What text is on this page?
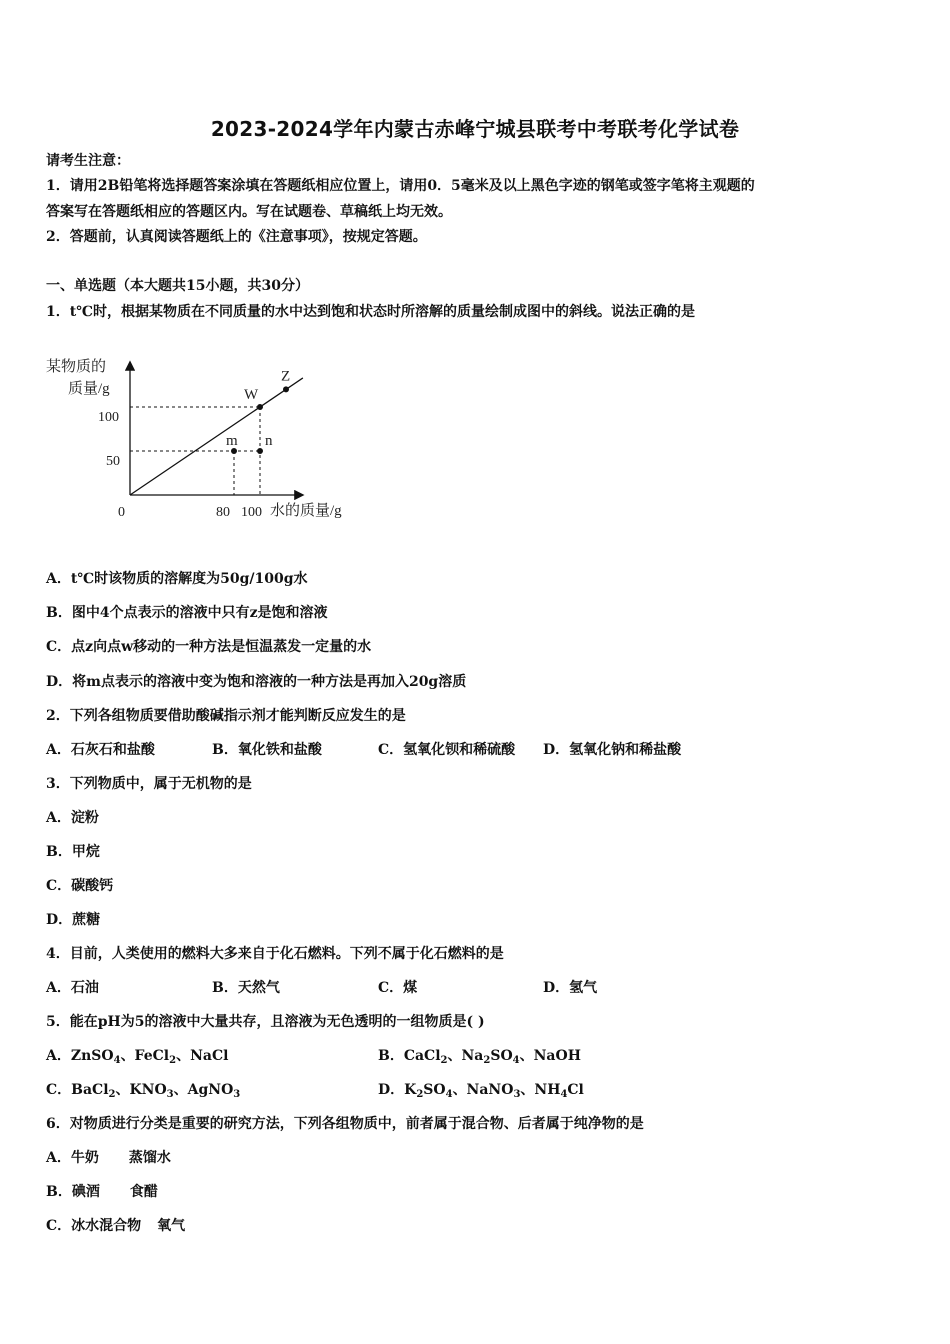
2023-2024学年内蒙古赤峰宁城县联考中考联考化学试卷
请考生注意：
1．请用2B铅笔将选择题答案涂填在答题纸相应位置上，请用0．5毫米及以上黑色字迹的钢笔或签字笔将主观题的
答案写在答题纸相应的答题区内。写在试题卷、草稿纸上均无效。
2．答题前，认真阅读答题纸上的《注意事项》，按规定答题。
一、单选题（本大题共15小题，共30分）
1．t℃时，根据某物质在不同质量的水中达到饱和状态时所溶解的质量绘制成图中的斜线。说法正确的是
某物质的
质量/g
水的质量/g
0	80 100
100
50
W
Z
m n
A．t℃时该物质的溶解度为50g/100g水
B．图中4个点表示的溶液中只有z是饱和溶液
C．点z向点w移动的一种方法是恒温蒸发一定量的水
D．将m点表示的溶液中变为饱和溶液的一种方法是再加入20g溶质
2．下列各组物质要借助酸碱指示剂才能判断反应发生的是
A．石灰石和盐酸	B．氧化铁和盐酸	C．氢氧化钡和稀硫酸 D．氢氧化钠和稀盐酸
3．下列物质中，属于无机物的是
A．淀粉
B．甲烷
C．碳酸钙
D．蔗糖
4．目前，人类使用的燃料大多来自于化石燃料。下列不属于化石燃料的是
A．石油	B．天然气	C．煤	D．氢气
5．能在pH为5的溶液中大量共存，且溶液为无色透明的一组物质是( )
A．ZnSO$_4$、FeCl$_2$、NaCl	B．CaCl$_2$、$Na_2SO_4$、NaOH
C．BaCl$_2$、$KNO_3$、AgNO$_3$	D．$K_2SO_4$、NaNO$_3$、$NH_4Cl$
6．对物质进行分类是重要的研究方法，下列各组物质中，前者属于混合物、后者属于纯净物的是
A．牛奶 蒸馏水
B．碘酒 食醋
C．冰水混合物 氧气
